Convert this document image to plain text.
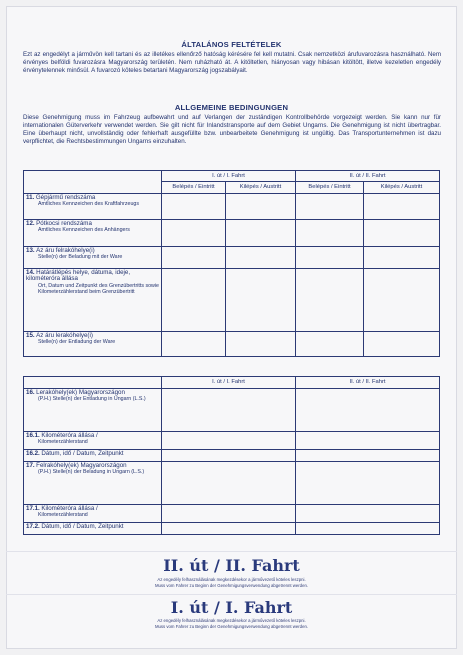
ÁLTALÁNOS FELTÉTELEK
Ezt az engedélyt a járművön kell tartani és az illetékes ellenőrző hatóság kérésére fel kell mutatni. Csak nemzetközi árufuvarozásra használható. Nem érvényes belföldi fuvarozásra Magyarország területén. Nem ruházható át. A kitöltetlen, hiányosan vagy hibásan kitöltött, illetve kezeletlen engedély érvénytelennek minősül. A fuvarozó köteles betartani Magyarország jogszabályait.
ALLGEMEINE BEDINGUNGEN
Diese Genehmigung muss im Fahrzeug aufbewahrt und auf Verlangen der zuständigen Kontrollbehörde vorgezeigt werden. Sie kann nur für internationalen Güterverkehr verwendet werden. Sie gilt nicht für Inlandstransporte auf dem Gebiet Ungarns. Die Genehmigung ist nicht übertragbar. Eine überhaupt nicht, unvollständig oder fehlerhaft ausgefüllte bzw. unbearbeitete Genehmigung ist ungültig. Das Transportunternehmen ist dazu verpflichtet, die Rechtsbestimmungen Ungarns einzuhalten.
	I. út / I. Fahrt		II. út / II. Fahrt	
	Belépés / Eintritt	Kilépés / Austritt	Belépés / Eintritt	Kilépés / Austritt
11. Gépjármű rendszáma
Amtliches Kennzeichen des Kraftfahrzeugs				

12. Pótkocsi rendszáma
Amtliches Kennzeichen des Anhängers				

13. Az áru felrakóhelye(i)
Stelle(n) der Beladung mit der Ware				

14. Határátlépés helye, dátuma, ideje, kilométeróra állása
Ort, Datum und Zeitpunkt des Grenzübertritts sowie Kilometerzählerstand beim Grenzübertritt				

15. Az áru lerakóhelye(i)
Stelle(n) der Entladung der Ware				

	I. út / I. Fahrt	II. út / II. Fahrt
16. Lerakóhely(ek) Magyarországon
(P.H.) Stelle(n) der Entladung in Ungarn (L.S.)		

16.1. Kilométeróra állása /
Kilometerzählerstand		

16.2. Dátum, idő / Datum, Zeitpunkt		
17. Felrakóhely(ek) Magyarországon
(P.H.) Stelle(n) der Beladung in Ungarn (L.S.)		

17.1. Kilométeróra állása /
Kilometerzählerstand		

17.2. Dátum, idő / Datum, Zeitpunkt		
II. út / II. Fahrt
Az engedély felhasználásának megkezdésekor a járművezető köteles leszpni.
Muss vom Fahrer zu Beginn der Genehmigungsverwendung abgetrennt werden.
I. út / I. Fahrt
Az engedély felhasználásának megkezdésekor a járművezető köteles leszpni.
Muss vom Fahrer zu Beginn der Genehmigungsverwendung abgetrennt werden.
